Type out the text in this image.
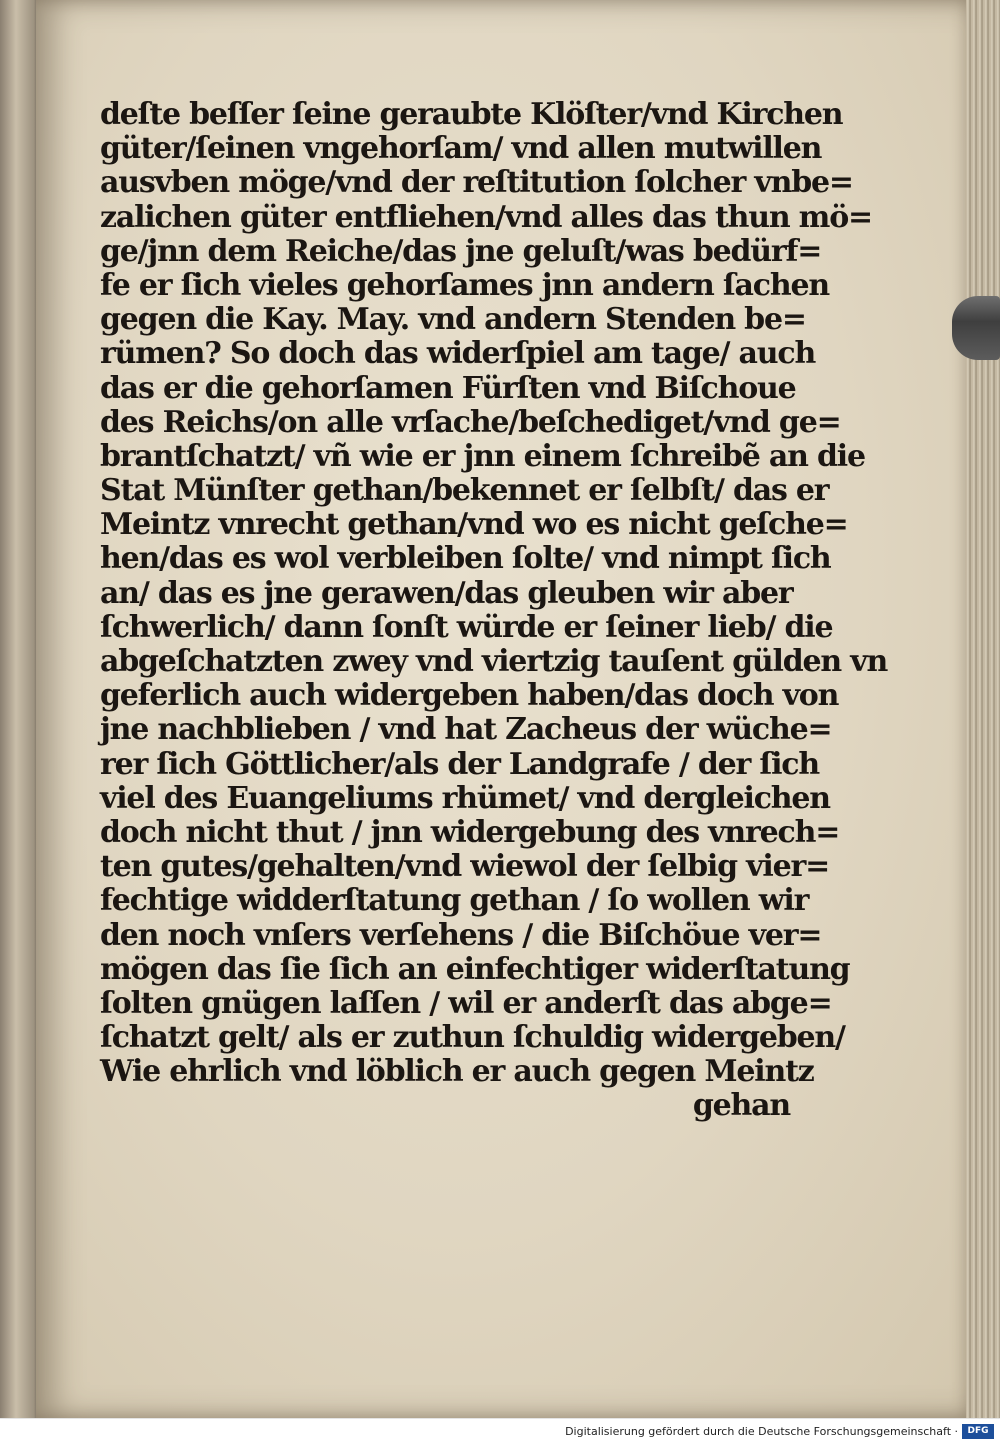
deſte beſſer ſeine geraubte Klöſter/vnd Kirchen
güter/ſeinen vngehorſam/ vnd allen mutwillen
ausvben möge/vnd der reſtitution ſolcher vnbe=
zalichen güter entfliehen/vnd alles das thun mö=
ge/jnn dem Reiche/das jne geluſt/was bedürf=
fe er ſich vieles gehorſames jnn andern ſachen
gegen die Kay. May. vnd andern Stenden be=
rümen? So doch das widerſpiel am tage/ auch
das er die gehorſamen Fürſten vnd Biſchoue
des Reichs/on alle vrſache/beſchediget/vnd ge=
brantſchatzt/ vñ wie er jnn einem ſchreibẽ an die
Stat Münſter gethan/bekennet er ſelbſt/ das er
Meintz vnrecht gethan/vnd wo es nicht geſche=
hen/das es wol verbleiben ſolte/ vnd nimpt ſich
an/ das es jne gerawen/das gleuben wir aber
ſchwerlich/ dann ſonſt würde er ſeiner lieb/ die
abgeſchatzten zwey vnd viertzig tauſent gülden vn
geferlich auch widergeben haben/das doch von
jne nachblieben / vnd hat Zacheus der wüche=
rer ſich Göttlicher/als der Landgrafe / der ſich
viel des Euangeliums rhümet/ vnd dergleichen
doch nicht thut / jnn widergebung des vnrech=
ten gutes/gehalten/vnd wiewol der ſelbig vier=
fechtige widderſtatung gethan / ſo wollen wir
den noch vnſers verſehens / die Biſchöue ver=
mögen das ſie ſich an einfechtiger widerſtatung
ſolten gnügen laſſen / wil er anderſt das abge=
ſchatzt gelt/ als er zuthun ſchuldig widergeben/
Wie ehrlich vnd löblich er auch gegen Meintz
gehan
Digitalisierung gefördert durch die Deutsche Forschungsgemeinschaft ·	DFG
